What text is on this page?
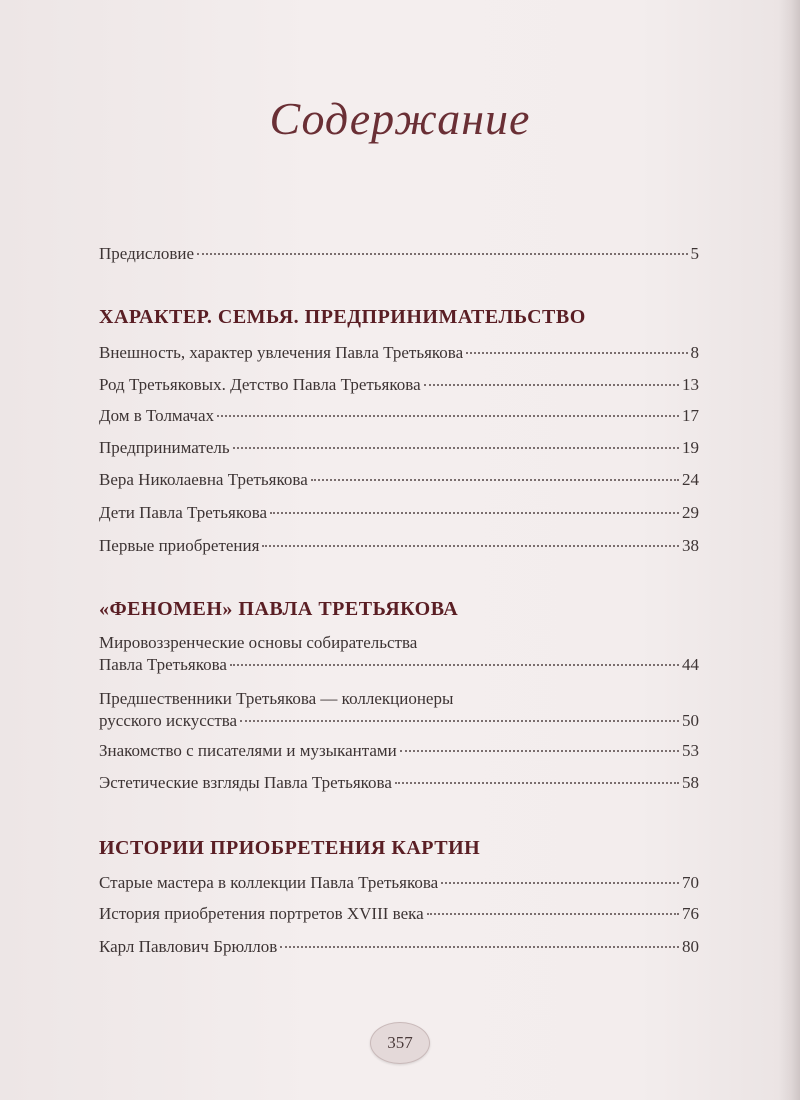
Содержание
Предисловие	5
ХАРАКТЕР. СЕМЬЯ. ПРЕДПРИНИМАТЕЛЬСТВО
Внешность, характер увлечения Павла Третьякова	8
Род Третьяковых. Детство Павла Третьякова	13
Дом в Толмачах	17
Предприниматель	19
Вера Николаевна Третьякова	24
Дети Павла Третьякова	29
Первые приобретения	38
«ФЕНОМЕН» ПАВЛА ТРЕТЬЯКОВА
Мировоззренческие основы собирательства
Павла Третьякова	44
Предшественники Третьякова — коллекционеры
русского искусства	50
Знакомство с писателями и музыкантами	53
Эстетические взгляды Павла Третьякова	58
ИСТОРИИ ПРИОБРЕТЕНИЯ КАРТИН
Старые мастера в коллекции Павла Третьякова	70
История приобретения портретов XVIII века	76
Карл Павлович Брюллов	80
357
